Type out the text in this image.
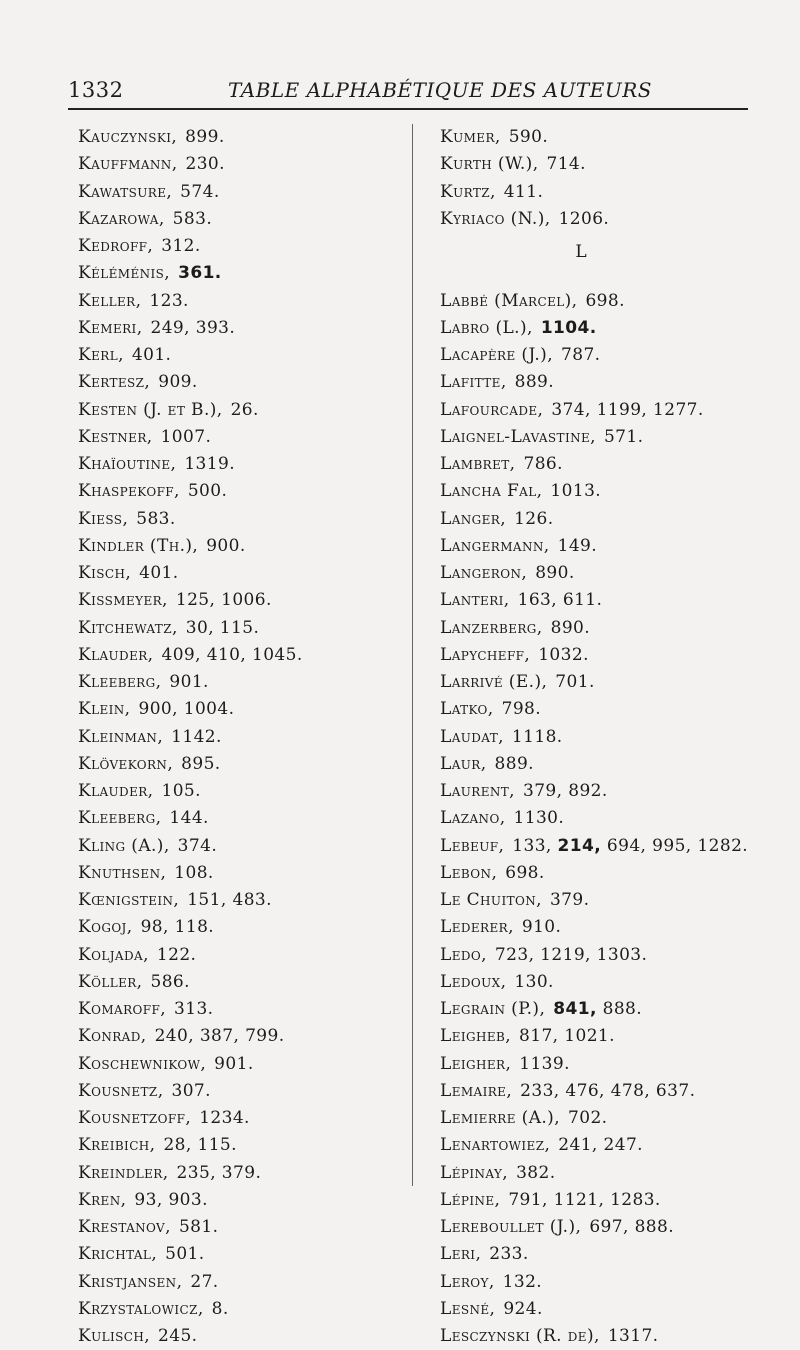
1332	TABLE ALPHABÉTIQUE DES AUTEURS
Kauczynski , 899.
Kauffmann , 230.
Kawatsure , 574.
Kazarowa , 583.
Kedroff , 312.
Kéléménis , 361.
Keller , 123.
Kemeri , 249, 393.
Kerl , 401.
Kertesz , 909.
Kesten (J. et B.) , 26.
Kestner , 1007.
Khaïoutine , 1319.
Khaspekoff , 500.
Kiess , 583.
Kindler (Th.) , 900.
Kisch , 401.
Kissmeyer , 125, 1006.
Kitchewatz , 30, 115.
Klauder , 409, 410, 1045.
Kleeberg , 901.
Klein , 900, 1004.
Kleinman , 1142.
Klövekorn , 895.
Klauder , 105.
Kleeberg , 144.
Kling (A.) , 374.
Knuthsen , 108.
Kœnigstein , 151, 483.
Kogoj , 98, 118.
Koljada , 122.
Köller , 586.
Komaroff , 313.
Konrad , 240, 387, 799.
Koschewnikow , 901.
Kousnetz , 307.
Kousnetzoff , 1234.
Kreibich , 28, 115.
Kreindler , 235, 379.
Kren , 93, 903.
Krestanov , 581.
Krichtal , 501.
Kristjansen , 27.
Krzystalowicz , 8.
Kulisch , 245.
Kumer , 590.
Kurth (W.) , 714.
Kurtz , 411.
Kyriaco (N.) , 1206.
L
Labbé (Marcel) , 698.
Labro (L.) , 1104.
Lacapère (J.) , 787.
Lafitte , 889.
Lafourcade , 374, 1199, 1277.
Laignel-Lavastine , 571.
Lambret , 786.
Lancha Fal , 1013.
Langer , 126.
Langermann , 149.
Langeron , 890.
Lanteri , 163, 611.
Lanzerberg , 890.
Lapycheff , 1032.
Larrivé (E.) , 701.
Latko , 798.
Laudat , 1118.
Laur , 889.
Laurent , 379, 892.
Lazano , 1130.
Lebeuf , 133, 214, 694, 995, 1282.
Lebon , 698.
Le Chuiton , 379.
Lederer , 910.
Ledo , 723, 1219, 1303.
Ledoux , 130.
Legrain (P.) , 841, 888.
Leigheb , 817, 1021.
Leigher , 1139.
Lemaire , 233, 476, 478, 637.
Lemierre (A.) , 702.
Lenartowiez , 241, 247.
Lépinay , 382.
Lépine , 791, 1121, 1283.
Lereboullet (J.) , 697, 888.
Leri , 233.
Leroy , 132.
Lesné , 924.
Lesczynski (R. de) , 1317.
